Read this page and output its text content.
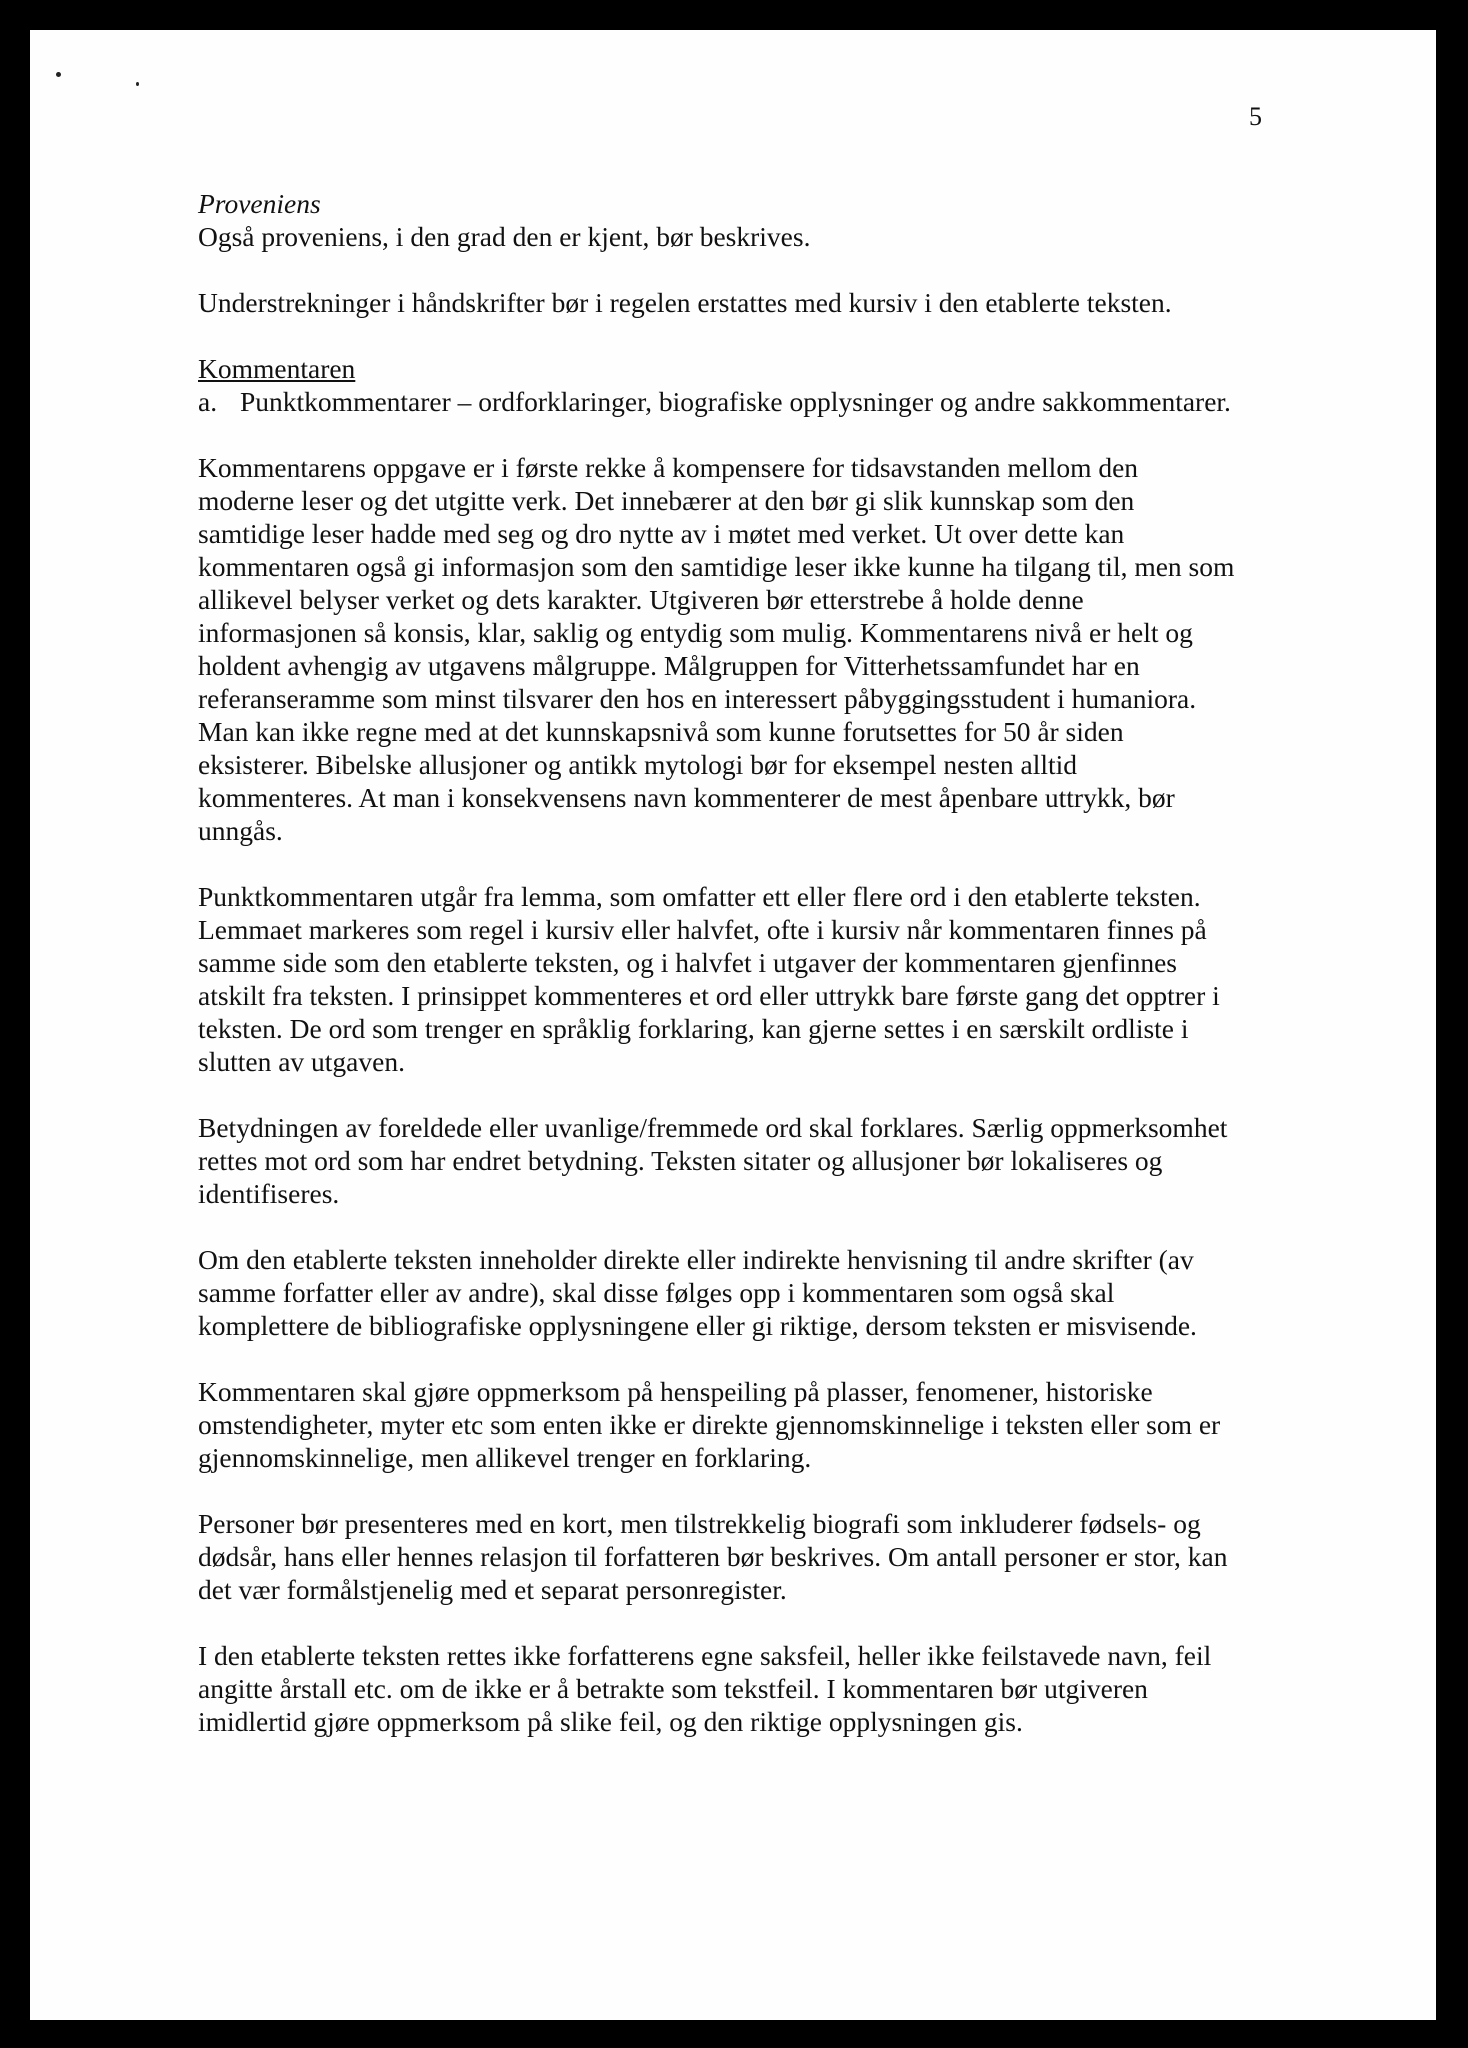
5

Proveniens
Også proveniens, i den grad den er kjent, bør beskrives.

Understrekninger i håndskrifter bør i regelen erstattes med kursiv i den etablerte teksten.

Kommentaren
a. Punktkommentarer – ordforklaringer, biografiske opplysninger og andre sakkommentarer.

Kommentarens oppgave er i første rekke å kompensere for tidsavstanden mellom den
moderne leser og det utgitte verk. Det innebærer at den bør gi slik kunnskap som den
samtidige leser hadde med seg og dro nytte av i møtet med verket. Ut over dette kan
kommentaren også gi informasjon som den samtidige leser ikke kunne ha tilgang til, men som
allikevel belyser verket og dets karakter. Utgiveren bør etterstrebe å holde denne
informasjonen så konsis, klar, saklig og entydig som mulig. Kommentarens nivå er helt og
holdent avhengig av utgavens målgruppe. Målgruppen for Vitterhetssamfundet har en
referanseramme som minst tilsvarer den hos en interessert påbyggingsstudent i humaniora.
Man kan ikke regne med at det kunnskapsnivå som kunne forutsettes for 50 år siden
eksisterer. Bibelske allusjoner og antikk mytologi bør for eksempel nesten alltid
kommenteres. At man i konsekvensens navn kommenterer de mest åpenbare uttrykk, bør
unngås.

Punktkommentaren utgår fra lemma, som omfatter ett eller flere ord i den etablerte teksten.
Lemmaet markeres som regel i kursiv eller halvfet, ofte i kursiv når kommentaren finnes på
samme side som den etablerte teksten, og i halvfet i utgaver der kommentaren gjenfinnes
atskilt fra teksten. I prinsippet kommenteres et ord eller uttrykk bare første gang det opptrer i
teksten. De ord som trenger en språklig forklaring, kan gjerne settes i en særskilt ordliste i
slutten av utgaven.

Betydningen av foreldede eller uvanlige/fremmede ord skal forklares. Særlig oppmerksomhet
rettes mot ord som har endret betydning. Teksten sitater og allusjoner bør lokaliseres og
identifiseres.

Om den etablerte teksten inneholder direkte eller indirekte henvisning til andre skrifter (av
samme forfatter eller av andre), skal disse følges opp i kommentaren som også skal
komplettere de bibliografiske opplysningene eller gi riktige, dersom teksten er misvisende.

Kommentaren skal gjøre oppmerksom på henspeiling på plasser, fenomener, historiske
omstendigheter, myter etc som enten ikke er direkte gjennomskinnelige i teksten eller som er
gjennomskinnelige, men allikevel trenger en forklaring.

Personer bør presenteres med en kort, men tilstrekkelig biografi som inkluderer fødsels- og
dødsår, hans eller hennes relasjon til forfatteren bør beskrives. Om antall personer er stor, kan
det vær formålstjenelig med et separat personregister.

I den etablerte teksten rettes ikke forfatterens egne saksfeil, heller ikke feilstavede navn, feil
angitte årstall etc. om de ikke er å betrakte som tekstfeil. I kommentaren bør utgiveren
imidlertid gjøre oppmerksom på slike feil, og den riktige opplysningen gis.
